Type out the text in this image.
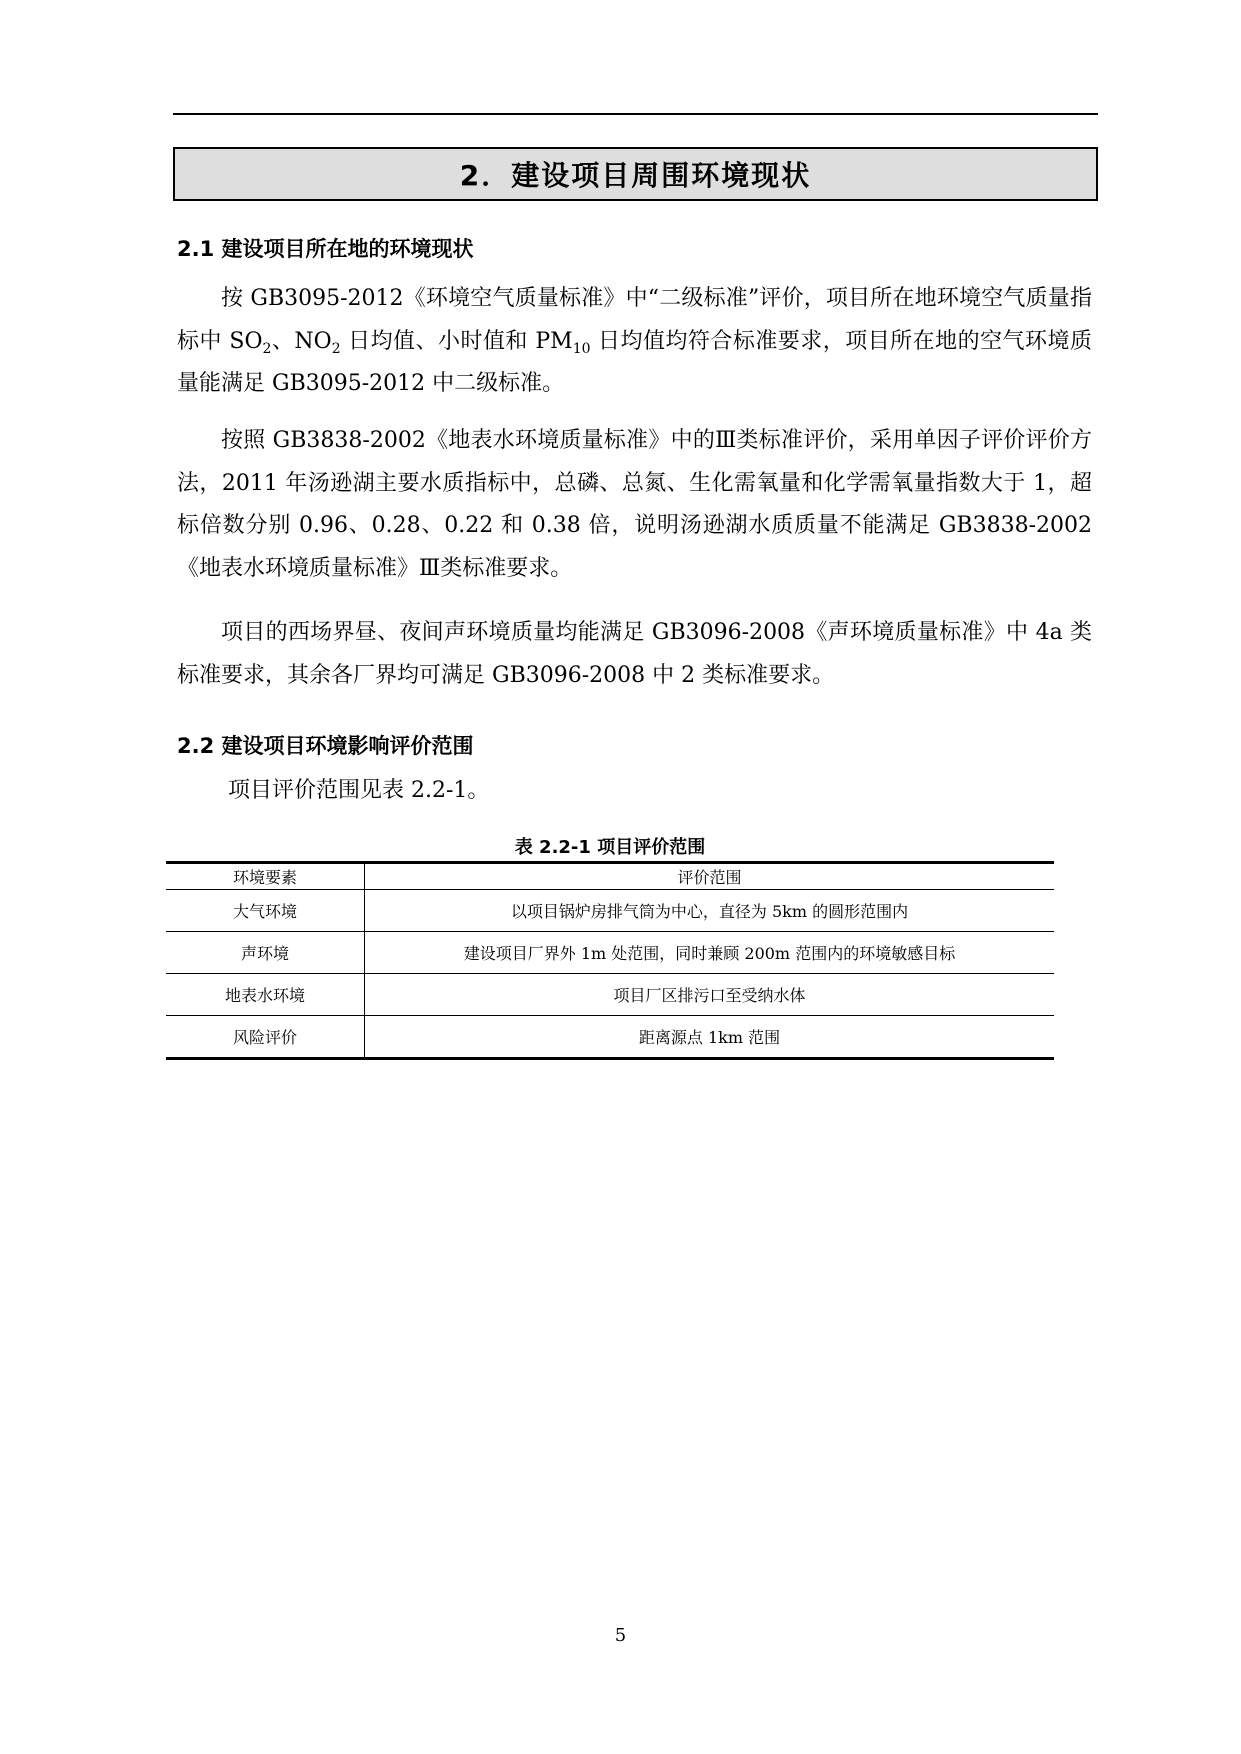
2．建设项目周围环境现状
2.1 建设项目所在地的环境现状

按 GB3095-2012《环境空气质量标准》中“二级标准”评价，项目所在地环境空气质量指标中 $SO_2$、$NO_2$ 日均值、小时值和 $PM_{10}$ 日均值均符合标准要求，项目所在地的空气环境质量能满足 GB3095-2012 中二级标准。

按照 GB3838-2002《地表水环境质量标准》中的Ⅲ类标准评价，采用单因子评价评价方法，2011 年汤逊湖主要水质指标中，总磷、总氮、生化需氧量和化学需氧量指数大于 1，超标倍数分别 0.96、0.28、0.22 和 0.38 倍，说明汤逊湖水质质量不能满足 GB3838-2002《地表水环境质量标准》Ⅲ类标准要求。

项目的西场界昼、夜间声环境质量均能满足 GB3096-2008《声环境质量标准》中 4a 类标准要求，其余各厂界均可满足 GB3096-2008 中 2 类标准要求。

2.2 建设项目环境影响评价范围
项目评价范围见表 2.2-1。
表 2.2-1 项目评价范围
环境要素	评价范围
大气环境	以项目锅炉房排气筒为中心，直径为 5km 的圆形范围内
声环境	建设项目厂界外 1m 处范围，同时兼顾 200m 范围内的环境敏感目标
地表水环境	项目厂区排污口至受纳水体
风险评价	距离源点 1km 范围
5
